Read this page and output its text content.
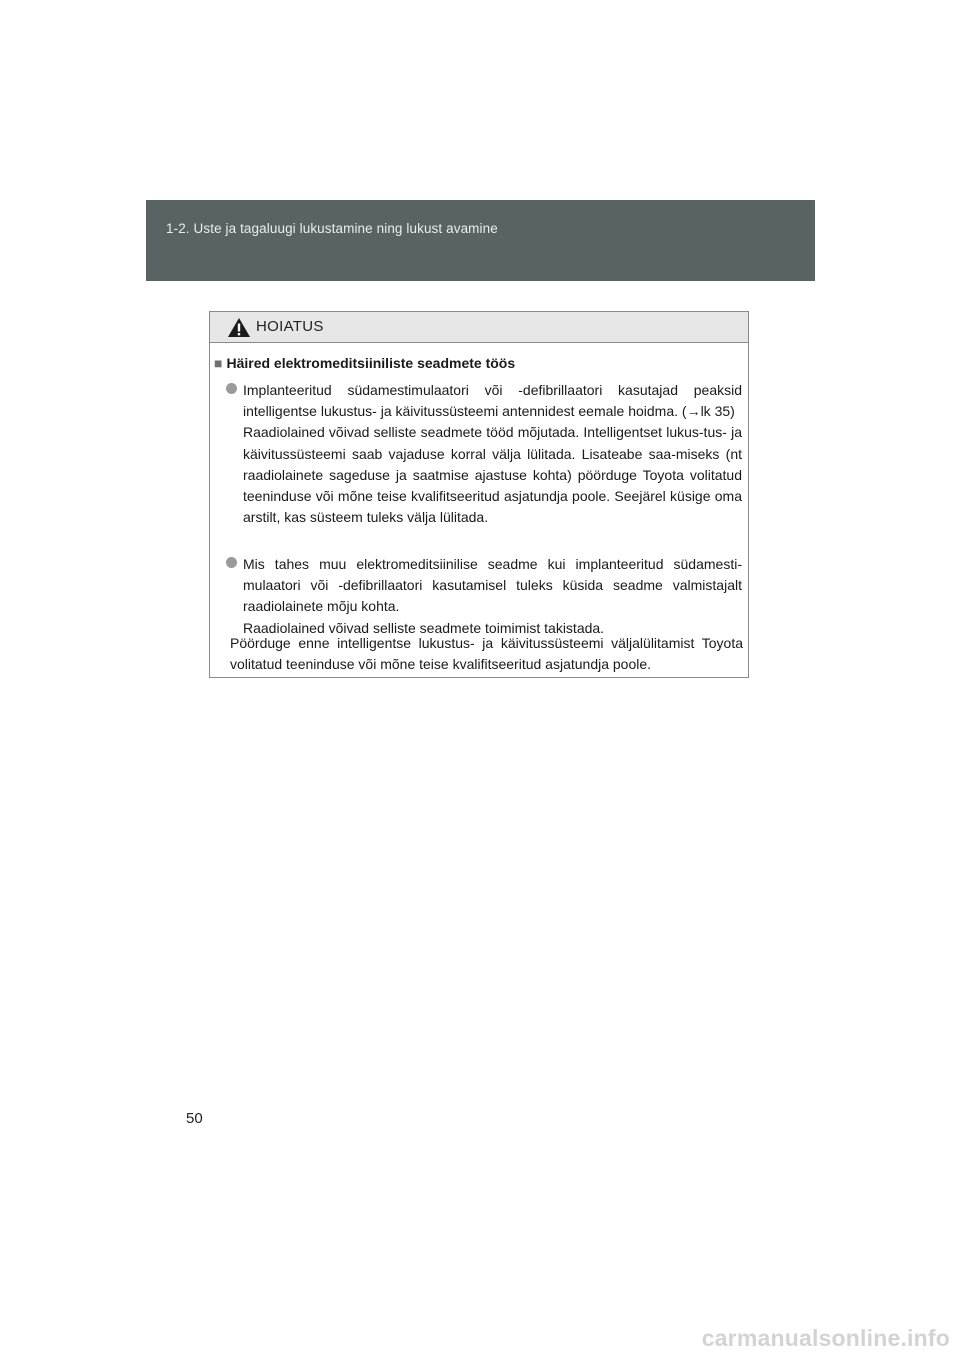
1-2. Uste ja tagaluugi lukustamine ning lukust avamine
HOIATUS
■ Häired elektromeditsiiniliste seadmete töös

Implanteeritud südamestimulaatori või -defibrillaatori kasutajad peaksid intelligentse lukustus- ja käivitussüsteemi antennidest eemale hoidma. (→lk 35)

Raadiolained võivad selliste seadmete tööd mõjutada. Intelligentset lukus-tus- ja käivitussüsteemi saab vajaduse korral välja lülitada. Lisateabe saa-miseks (nt raadiolainete sageduse ja saatmise ajastuse kohta) pöörduge Toyota volitatud teeninduse või mõne teise kvalifitseeritud asjatundja poole. Seejärel küsige oma arstilt, kas süsteem tuleks välja lülitada.

Mis tahes muu elektromeditsiinilise seadme kui implanteeritud südamesti-mulaatori või -defibrillaatori kasutamisel tuleks küsida seadme valmistajalt raadiolainete mõju kohta.

Raadiolained võivad selliste seadmete toimimist takistada.

Pöörduge enne intelligentse lukustus- ja käivitussüsteemi väljalülitamist Toyota volitatud teeninduse või mõne teise kvalifitseeritud asjatundja poole.

50
carmanualsonline.info
